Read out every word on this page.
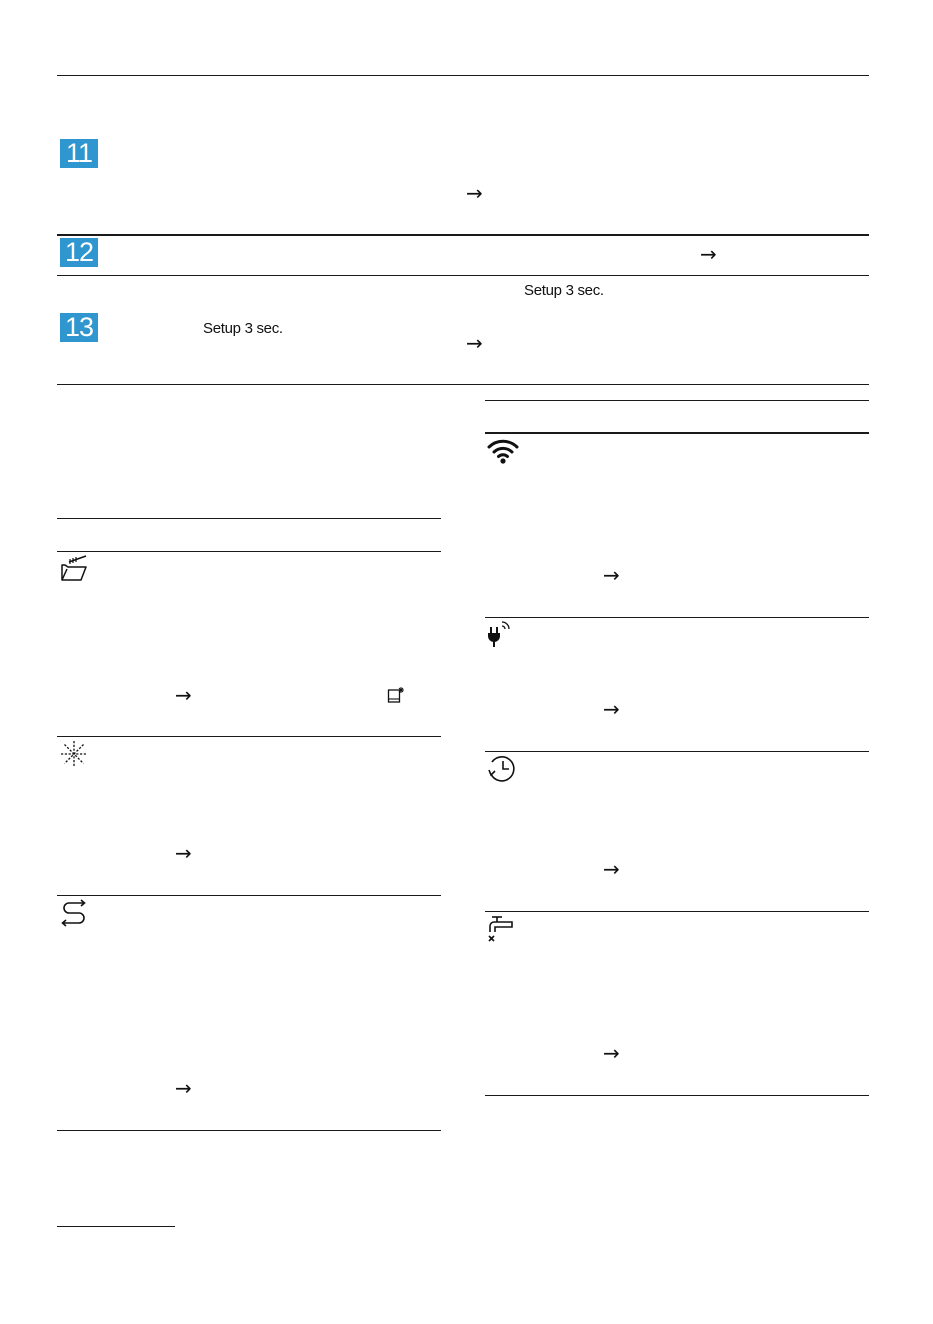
11
→
12	→
Setup 3 sec.
13	Setup 3 sec.
→
→
→
→
→
→
→
→
